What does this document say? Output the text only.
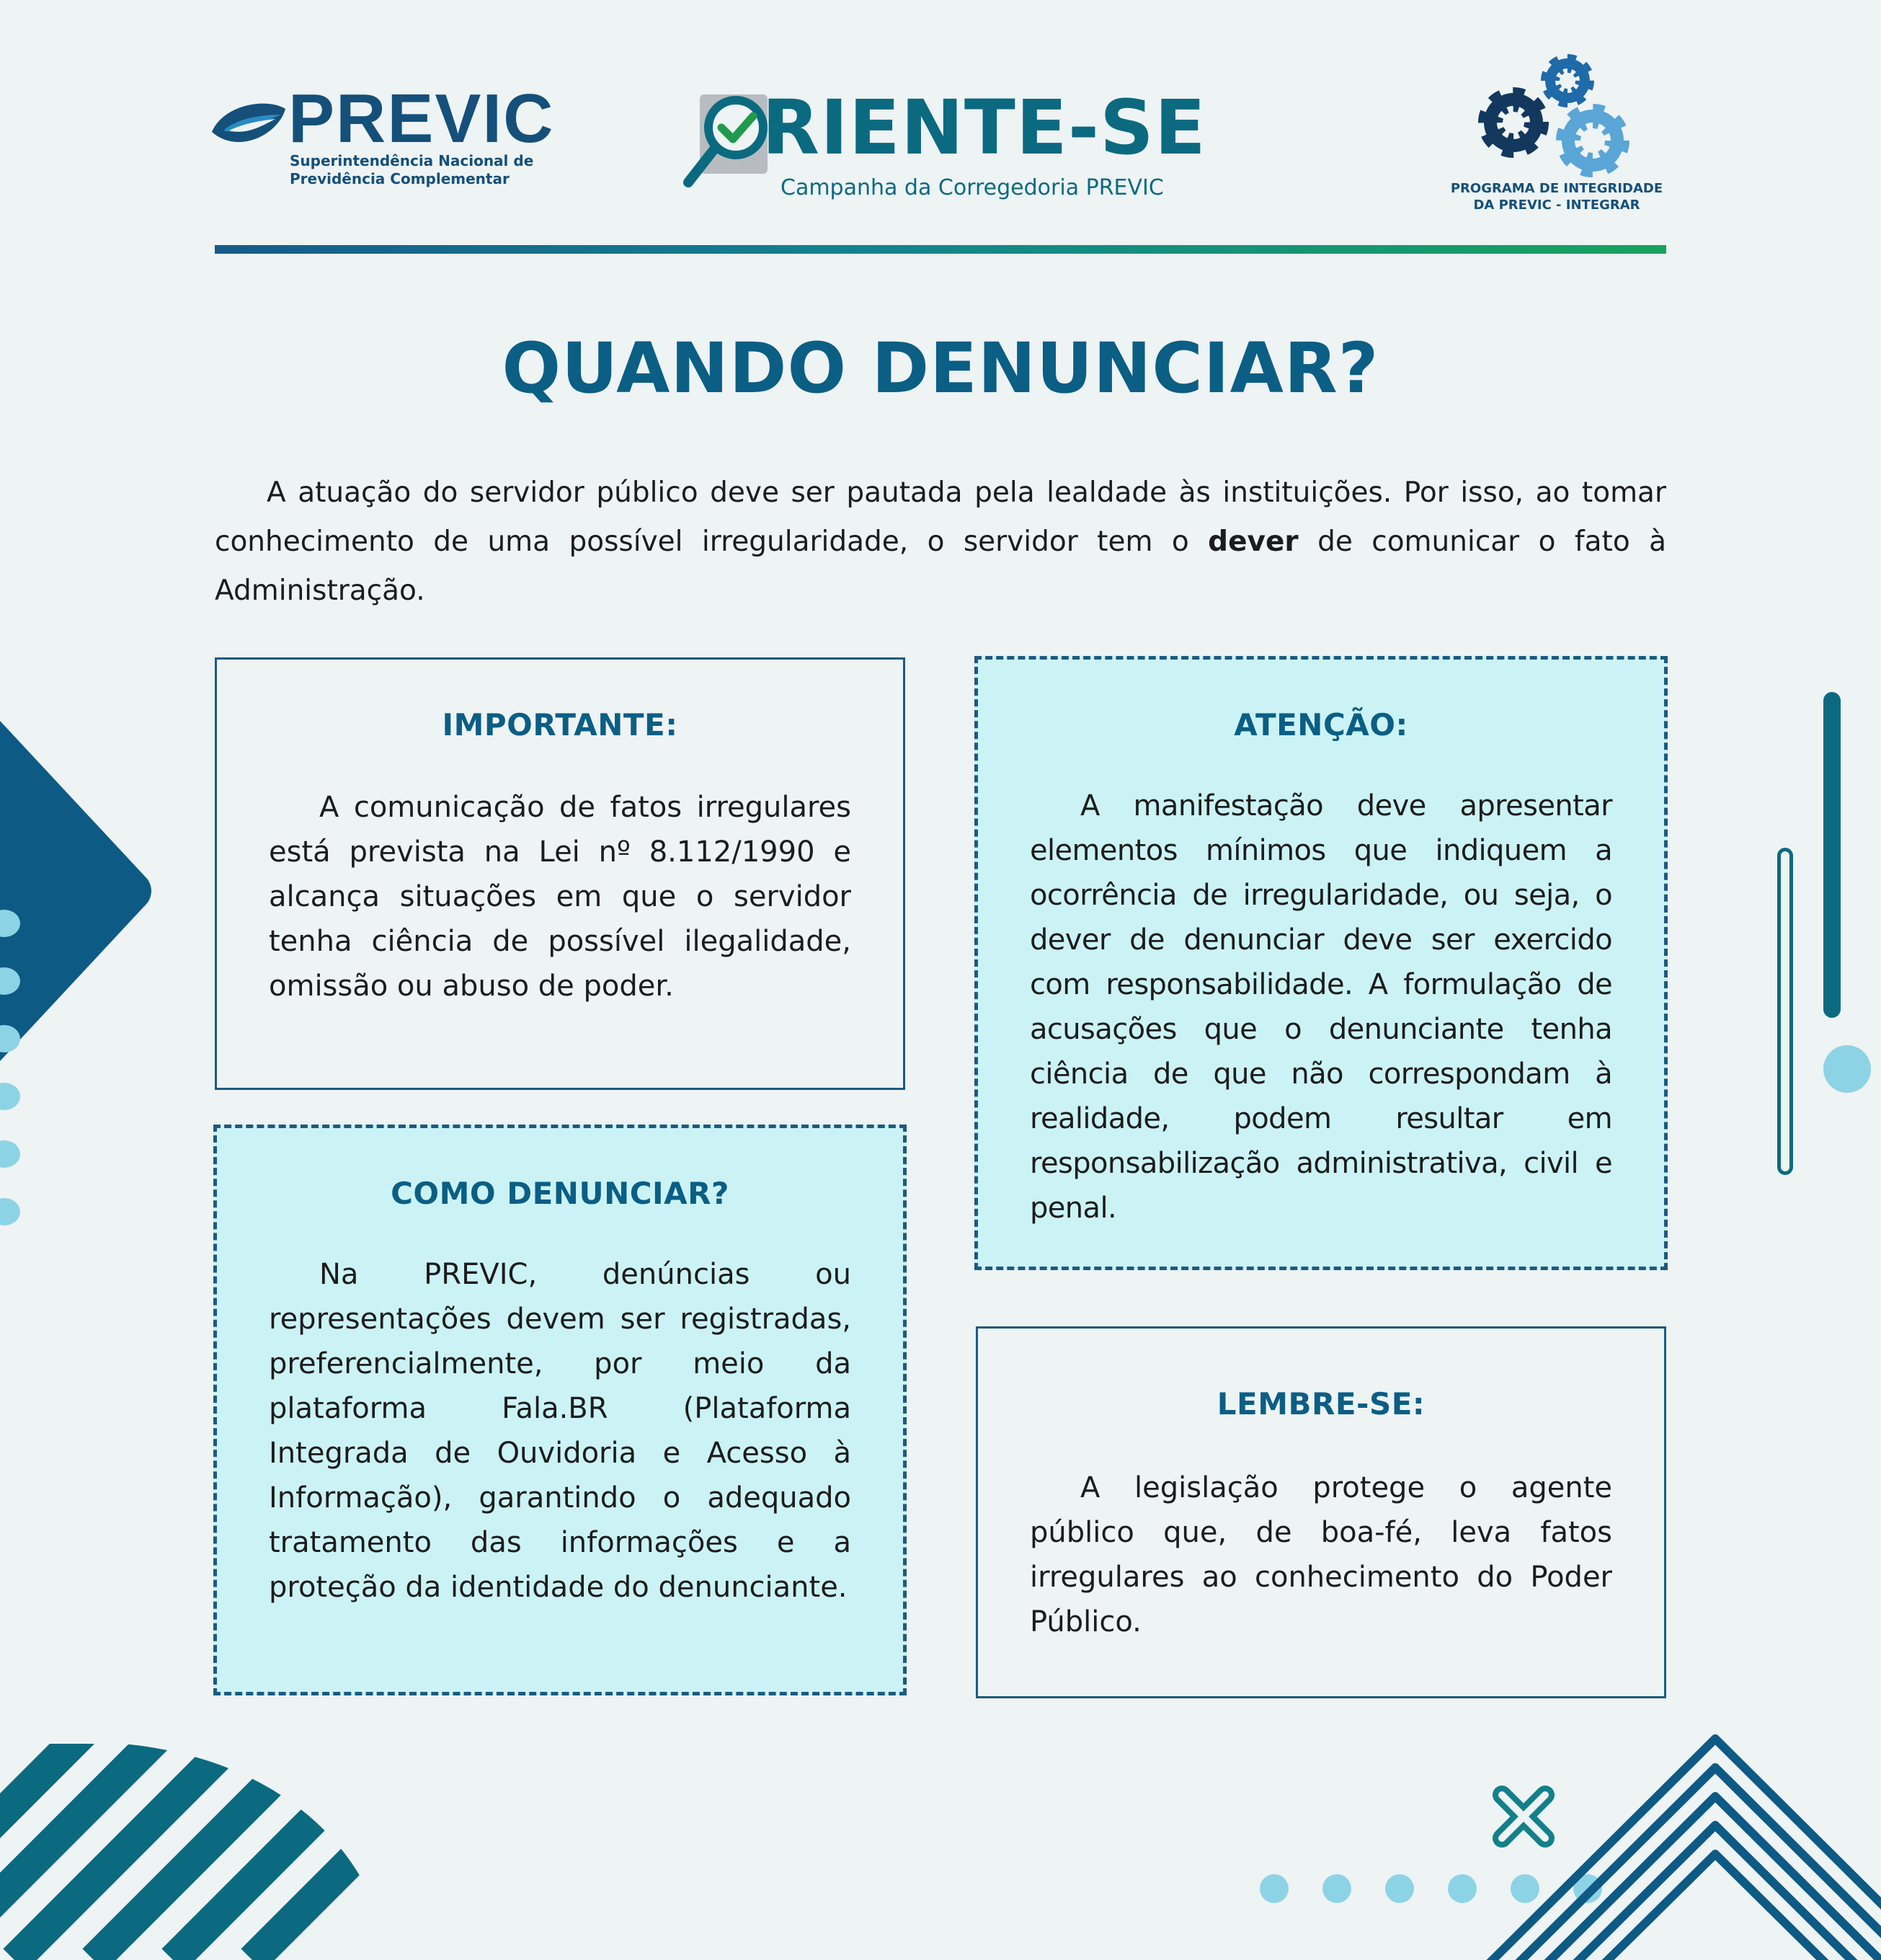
PREVIC
Superintendência Nacional de
Previdência Complementar
RIENTE-SE
Campanha da Corregedoria PREVIC	PROGRAMA DE INTEGRIDADE
DA PREVIC - INTEGRAR
QUANDO DENUNCIAR?
A atuação do servidor público deve ser pautada pela lealdade às instituições. Por isso, ao tomar conhecimento de uma possível irregularidade, o servidor tem o dever de comunicar o fato à Administração.
IMPORTANTE:
A comunicação de fatos irregulares está prevista na Lei nº 8.112/1990 e alcança situações em que o servidor tenha ciência de possível ilegalidade, omissão ou abuso de poder.
ATENÇÃO:
A manifestação deve apresentar elementos mínimos que indiquem a ocorrência de irregularidade, ou seja, o dever de denunciar deve ser exercido com responsabilidade. A formulação de acusações que o denunciante tenha ciência de que não correspondam à realidade, podem resultar em responsabilização administrativa, civil e penal.
COMO DENUNCIAR?
Na PREVIC, denúncias ou representações devem ser registradas, preferencialmente, por meio da plataforma Fala.BR (Plataforma Integrada de Ouvidoria e Acesso à Informação), garantindo o adequado tratamento das informações e a proteção da identidade do denunciante.
LEMBRE-SE:
A legislação protege o agente público que, de boa-fé, leva fatos irregulares ao conhecimento do Poder Público.
